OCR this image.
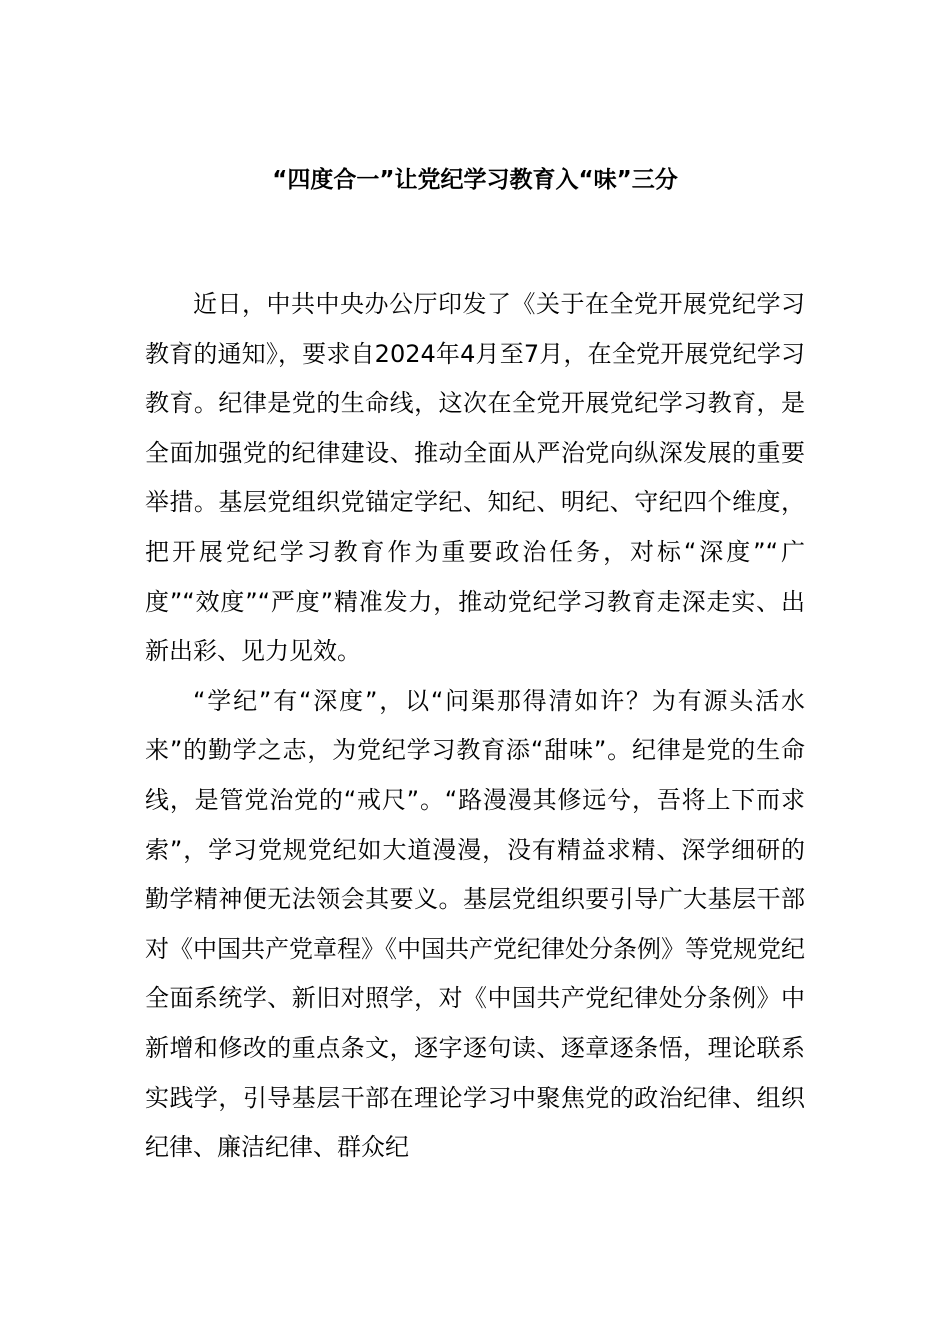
“四度合一”让党纪学习教育入“味”三分

近日，中共中央办公厅印发了《关于在全党开展党纪学习教育的通知》，要求自2024年4月至7月，在全党开展党纪学习教育。纪律是党的生命线，这次在全党开展党纪学习教育，是全面加强党的纪律建设、推动全面从严治党向纵深发展的重要举措。基层党组织党锚定学纪、知纪、明纪、守纪四个维度，把开展党纪学习教育作为重要政治任务，对标“深度”“广度”“效度”“严度”精准发力，推动党纪学习教育走深走实、出新出彩、见力见效。

“学纪”有“深度”，以“问渠那得清如许？为有源头活水来”的勤学之志，为党纪学习教育添“甜味”。纪律是党的生命线，是管党治党的“戒尺”。“路漫漫其修远兮，吾将上下而求索”，学习党规党纪如大道漫漫，没有精益求精、深学细研的勤学精神便无法领会其要义。基层党组织要引导广大基层干部对《中国共产党章程》《中国共产党纪律处分条例》等党规党纪全面系统学、新旧对照学，对《中国共产党纪律处分条例》中新增和修改的重点条文，逐字逐句读、逐章逐条悟，理论联系实践学，引导基层干部在理论学习中聚焦党的政治纪律、组织纪律、廉洁纪律、群众纪
